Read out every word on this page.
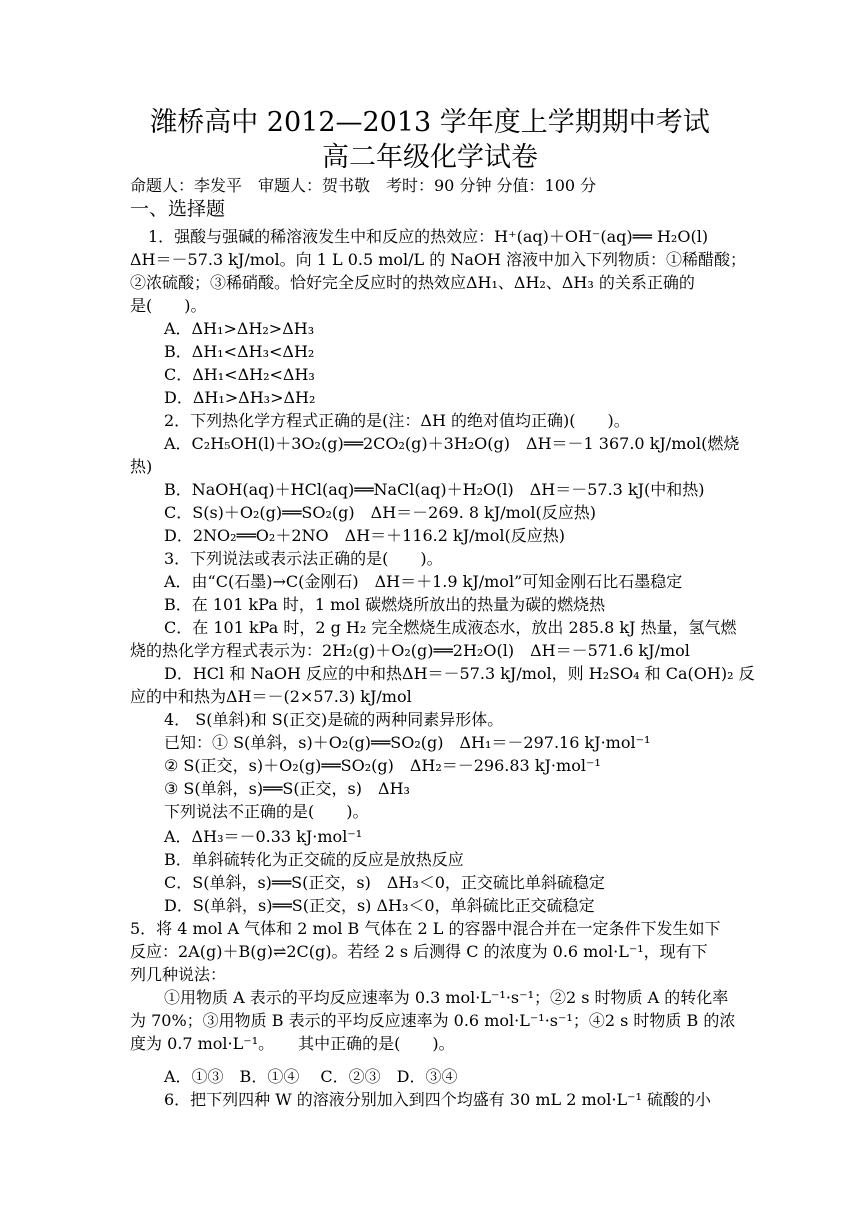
潍桥高中 2012—2013 学年度上学期期中考试
高二年级化学试卷
命题人：李发平　审题人：贺书敬　考时：90 分钟 分值：100 分
一、选择题
1．强酸与强碱的稀溶液发生中和反应的热效应：H⁺(aq)＋OH⁻(aq)══ H₂O(l)
ΔH＝－57.3 kJ/mol。向 1 L 0.5 mol/L 的 NaOH 溶液中加入下列物质：①稀醋酸；
②浓硫酸；③稀硝酸。恰好完全反应时的热效应ΔH₁、ΔH₂、ΔH₃ 的关系正确的
是(　　)。
A．ΔH₁>ΔH₂>ΔH₃
B．ΔH₁<ΔH₃<ΔH₂
C．ΔH₁<ΔH₂<ΔH₃
D．ΔH₁>ΔH₃>ΔH₂
2．下列热化学方程式正确的是(注：ΔH 的绝对值均正确)(　　)。
A．C₂H₅OH(l)＋3O₂(g)══2CO₂(g)＋3H₂O(g)　ΔH＝－1 367.0 kJ/mol(燃烧
热)
B．NaOH(aq)＋HCl(aq)══NaCl(aq)＋H₂O(l)　ΔH＝－57.3 kJ(中和热)
C．S(s)＋O₂(g)══SO₂(g)　ΔH＝－269. 8 kJ/mol(反应热)
D．2NO₂══O₂＋2NO　ΔH＝＋116.2 kJ/mol(反应热)
3．下列说法或表示法正确的是(　　)。
A．由“C(石墨)→C(金刚石)　ΔH＝＋1.9 kJ/mol”可知金刚石比石墨稳定
B．在 101 kPa 时，1 mol 碳燃烧所放出的热量为碳的燃烧热
C．在 101 kPa 时，2 g H₂ 完全燃烧生成液态水，放出 285.8 kJ 热量，氢气燃
烧的热化学方程式表示为：2H₂(g)＋O₂(g)══2H₂O(l)　ΔH＝－571.6 kJ/mol
D．HCl 和 NaOH 反应的中和热ΔH＝－57.3 kJ/mol，则 H₂SO₄ 和 Ca(OH)₂ 反
应的中和热为ΔH＝－(2×57.3) kJ/mol
4． S(单斜)和 S(正交)是硫的两种同素异形体。
已知：① S(单斜，s)＋O₂(g)══SO₂(g)　ΔH₁＝－297.16 kJ·mol⁻¹
② S(正交，s)＋O₂(g)══SO₂(g)　ΔH₂＝－296.83 kJ·mol⁻¹
③ S(单斜，s)══S(正交，s)　ΔH₃
下列说法不正确的是(　　)。
A．ΔH₃＝－0.33 kJ·mol⁻¹
B．单斜硫转化为正交硫的反应是放热反应
C．S(单斜，s)══S(正交，s)　ΔH₃＜0，正交硫比单斜硫稳定
D．S(单斜，s)══S(正交，s) ΔH₃＜0，单斜硫比正交硫稳定
5．将 4 mol A 气体和 2 mol B 气体在 2 L 的容器中混合并在一定条件下发生如下
反应：2A(g)＋B(g)⇌2C(g)。若经 2 s 后测得 C 的浓度为 0.6 mol·L⁻¹，现有下
列几种说法：
①用物质 A 表示的平均反应速率为 0.3 mol·L⁻¹·s⁻¹；②2 s 时物质 A 的转化率
为 70%；③用物质 B 表示的平均反应速率为 0.6 mol·L⁻¹·s⁻¹；④2 s 时物质 B 的浓
度为 0.7 mol·L⁻¹。　　其中正确的是(　　)。
A．①③　B．①④　 C．②③　D．③④
6．把下列四种 W 的溶液分别加入到四个均盛有 30 mL 2 mol·L⁻¹ 硫酸的小
